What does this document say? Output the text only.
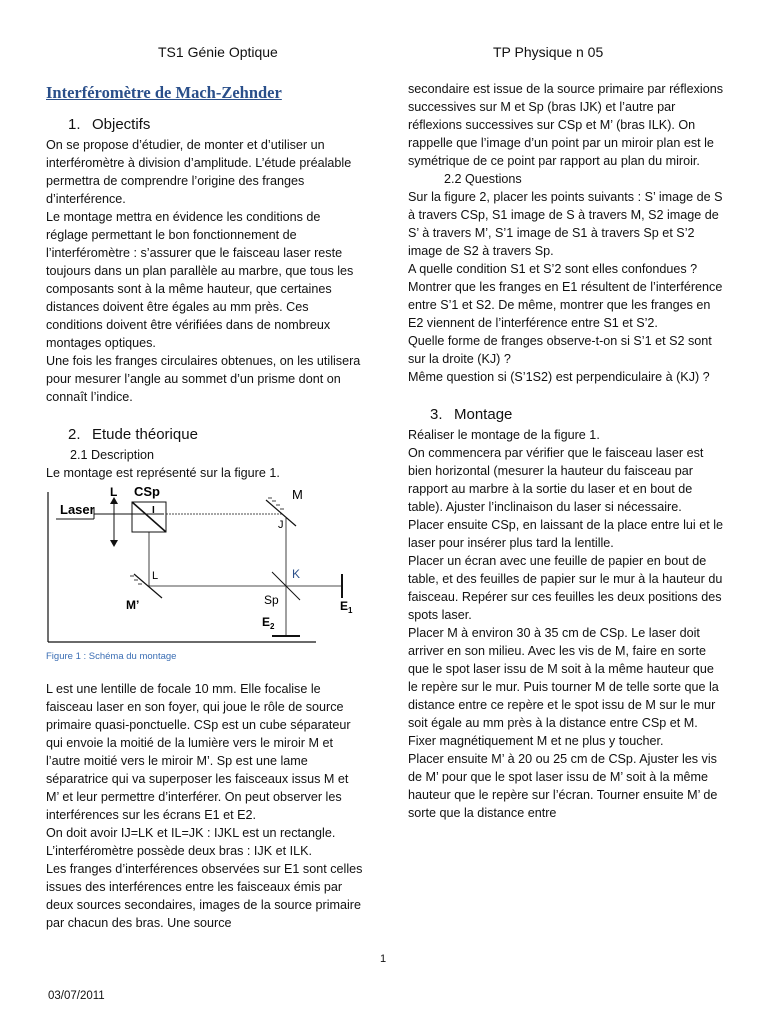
TS1 Génie Optique	TP Physique n 05
Interféromètre de Mach-Zehnder
1. Objectifs

On se propose d’étudier, de monter et d’utiliser un interféromètre à division d’amplitude. L’étude préalable permettra de comprendre l’origine des franges d’interférence.

Le montage mettra en évidence les conditions de réglage permettant le bon fonctionnement de l’interféromètre : s’assurer que le faisceau laser reste toujours dans un plan parallèle au marbre, que tous les composants sont à la même hauteur, que certaines distances doivent être égales au mm près. Ces conditions doivent être vérifiées dans de nombreux montages optiques.

Une fois les franges circulaires obtenues, on les utilisera pour mesurer l’angle au sommet d’un prisme dont on connaît l’indice.

2. Etude théorique
2.1 Description

Le montage est représenté sur la figure 1.

Laser
L CSp
I
M
J
$E_2$
M’
L	K
Sp	$E_1$
Figure 1 : Schéma du montage

L est une lentille de focale 10 mm. Elle focalise le faisceau laser en son foyer, qui joue le rôle de source primaire quasi-ponctuelle. CSp est un cube séparateur qui envoie la moitié de la lumière vers le miroir M et l’autre moitié vers le miroir M’. Sp est une lame séparatrice qui va superposer les faisceaux issus M et M’ et leur permettre d’interférer. On peut observer les interférences sur les écrans E1 et E2.

On doit avoir IJ=LK et IL=JK : IJKL est un rectangle.

L’interféromètre possède deux bras : IJK et ILK.

Les franges d’interférences observées sur E1 sont celles issues des interférences entre les faisceaux émis par deux sources secondaires, images de la source primaire par chacun des bras. Une source

secondaire est issue de la source primaire par réflexions successives sur M et Sp (bras IJK) et l’autre par réflexions successives sur CSp et M’ (bras ILK). On rappelle que l’image d’un point par un miroir plan est le symétrique de ce point par rapport au plan du miroir.

2.2 Questions

Sur la figure 2, placer les points suivants : S’ image de S à travers CSp, S1 image de S à travers M, S2 image de S’ à travers M’, S’1 image de S1 à travers Sp et S’2 image de S2 à travers Sp.

A quelle condition S1 et S’2 sont elles confondues ?

Montrer que les franges en E1 résultent de l’interférence entre S’1 et S2. De même, montrer que les franges en E2 viennent de l’interférence entre S1 et S’2.

Quelle forme de franges observe-t-on si S’1 et S2 sont sur la droite (KJ) ?

Même question si (S’1S2) est perpendiculaire à (KJ) ?

3. Montage

Réaliser le montage de la figure 1.

On commencera par vérifier que le faisceau laser est bien horizontal (mesurer la hauteur du faisceau par rapport au marbre à la sortie du laser et en bout de table). Ajuster l’inclinaison du laser si nécessaire.

Placer ensuite CSp, en laissant de la place entre lui et le laser pour insérer plus tard la lentille.

Placer un écran avec une feuille de papier en bout de table, et des feuilles de papier sur le mur à la hauteur du faisceau. Repérer sur ces feuilles les deux positions des spots laser.

Placer M à environ 30 à 35 cm de CSp. Le laser doit arriver en son milieu. Avec les vis de M, faire en sorte que le spot laser issu de M soit à la même hauteur que le repère sur le mur. Puis tourner M de telle sorte que la distance entre ce repère et le spot issu de M sur le mur soit égale au mm près à la distance entre CSp et M. Fixer magnétiquement M et ne plus y toucher.

Placer ensuite M’ à 20 ou 25 cm de CSp. Ajuster les vis de M’ pour que le spot laser issu de M’ soit à la même hauteur que le repère sur l’écran. Tourner ensuite M’ de sorte que la distance entre

1
03/07/2011
